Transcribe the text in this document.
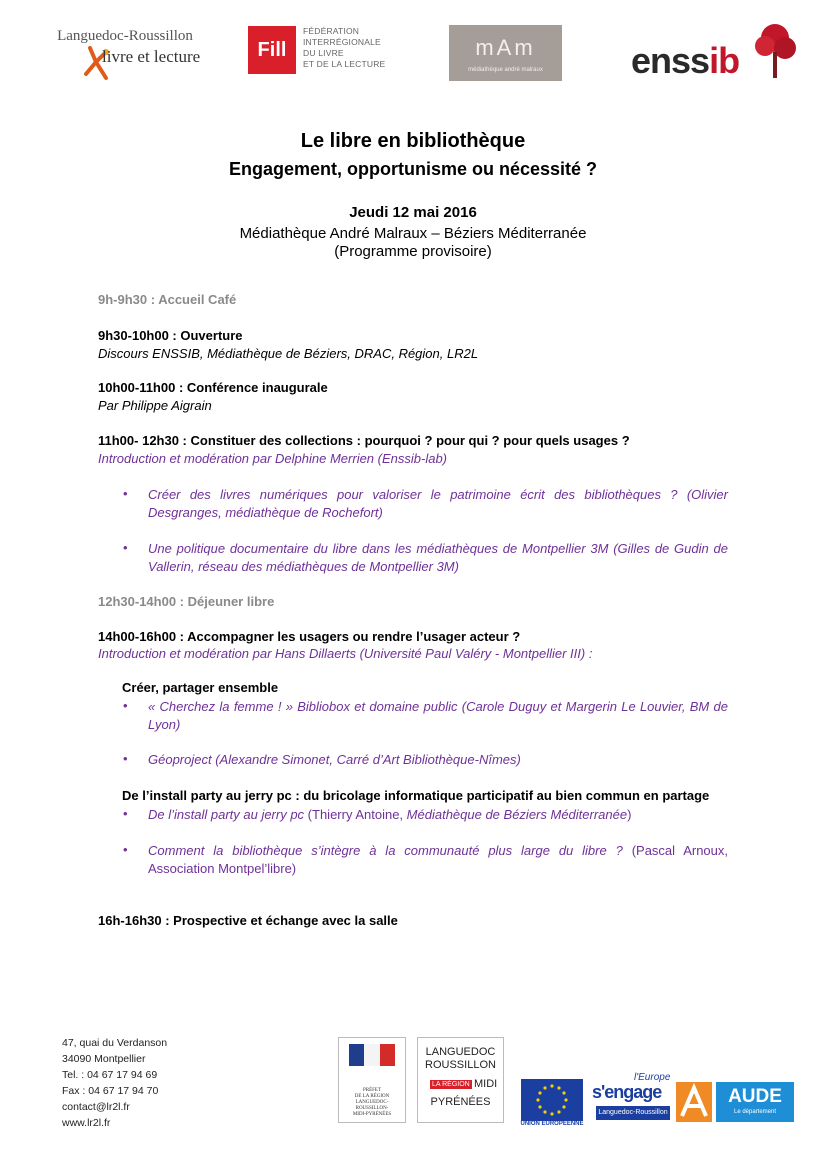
Languedoc-Roussillon
livre et lecture	Fill
FÉDÉRATION
INTERRÉGIONALE
DU LIVRE
ET DE LA LECTURE
mAm
médiathèque andré malraux	enssib
Le libre en bibliothèque
Engagement, opportunisme ou nécessité ?
Jeudi 12 mai 2016
Médiathèque André Malraux – Béziers Méditerranée
(Programme provisoire)
9h-9h30 : Accueil Café
9h30-10h00 : Ouverture
Discours ENSSIB, Médiathèque de Béziers, DRAC, Région, LR2L
10h00-11h00 : Conférence inaugurale
Par Philippe Aigrain
11h00- 12h30 : Constituer des collections : pourquoi ? pour qui ? pour quels usages ?
Introduction et modération par Delphine Merrien (Enssib-lab)
• Créer des livres numériques pour valoriser le patrimoine écrit des bibliothèques ? (Olivier Desgranges, médiathèque de Rochefort)
• Une politique documentaire du libre dans les médiathèques de Montpellier 3M (Gilles de Gudin de Vallerin, réseau des médiathèques de Montpellier 3M)
12h30-14h00 : Déjeuner libre
14h00-16h00 : Accompagner les usagers ou rendre l’usager acteur ?
Introduction et modération par Hans Dillaerts (Université Paul Valéry - Montpellier III) :
Créer, partager ensemble
• « Cherchez la femme ! » Bibliobox et domaine public (Carole Duguy et Margerin Le Louvier, BM de Lyon)
• Géoproject (Alexandre Simonet, Carré d’Art Bibliothèque-Nîmes)
De l’install party au jerry pc : du bricolage informatique participatif au bien commun en partage
• De l’install party au jerry pc (Thierry Antoine, Médiathèque de Béziers Méditerranée)
• Comment la bibliothèque s’intègre à la communauté plus large du libre ? (Pascal Arnoux, Association Montpel’libre)
16h-16h30 : Prospective et échange avec la salle
47, quai du Verdanson
34090 Montpellier
Tel. : 04 67 17 94 69
Fax : 04 67 17 94 70
contact@lr2l.fr
www.lr2l.fr
PRÉFET
DE LA RÉGION
LANGUEDOC-
ROUSSILLON-
MIDI-PYRÉNÉES
LANGUEDOC
ROUSSILLON
LA RÉGION MIDI
PYRÉNÉES
UNION EUROPEENNE
l'Europe
s'engage
Languedoc-Roussillon
AUDE
Le département
